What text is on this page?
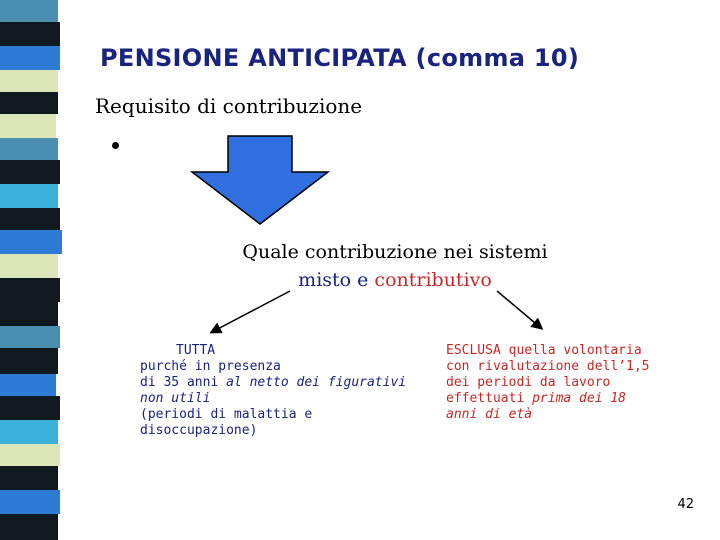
PENSIONE ANTICIPATA (comma 10)
Requisito di contribuzione
Quale contribuzione nei sistemi
misto e contributivo
TUTTA
purché in presenza
di 35 anni al netto dei figurativi
non utili
(periodi di malattia e
disoccupazione)
ESCLUSA quella volontaria
con rivalutazione dell’1,5
dei periodi da lavoro
effettuati prima dei 18
anni di età
42
